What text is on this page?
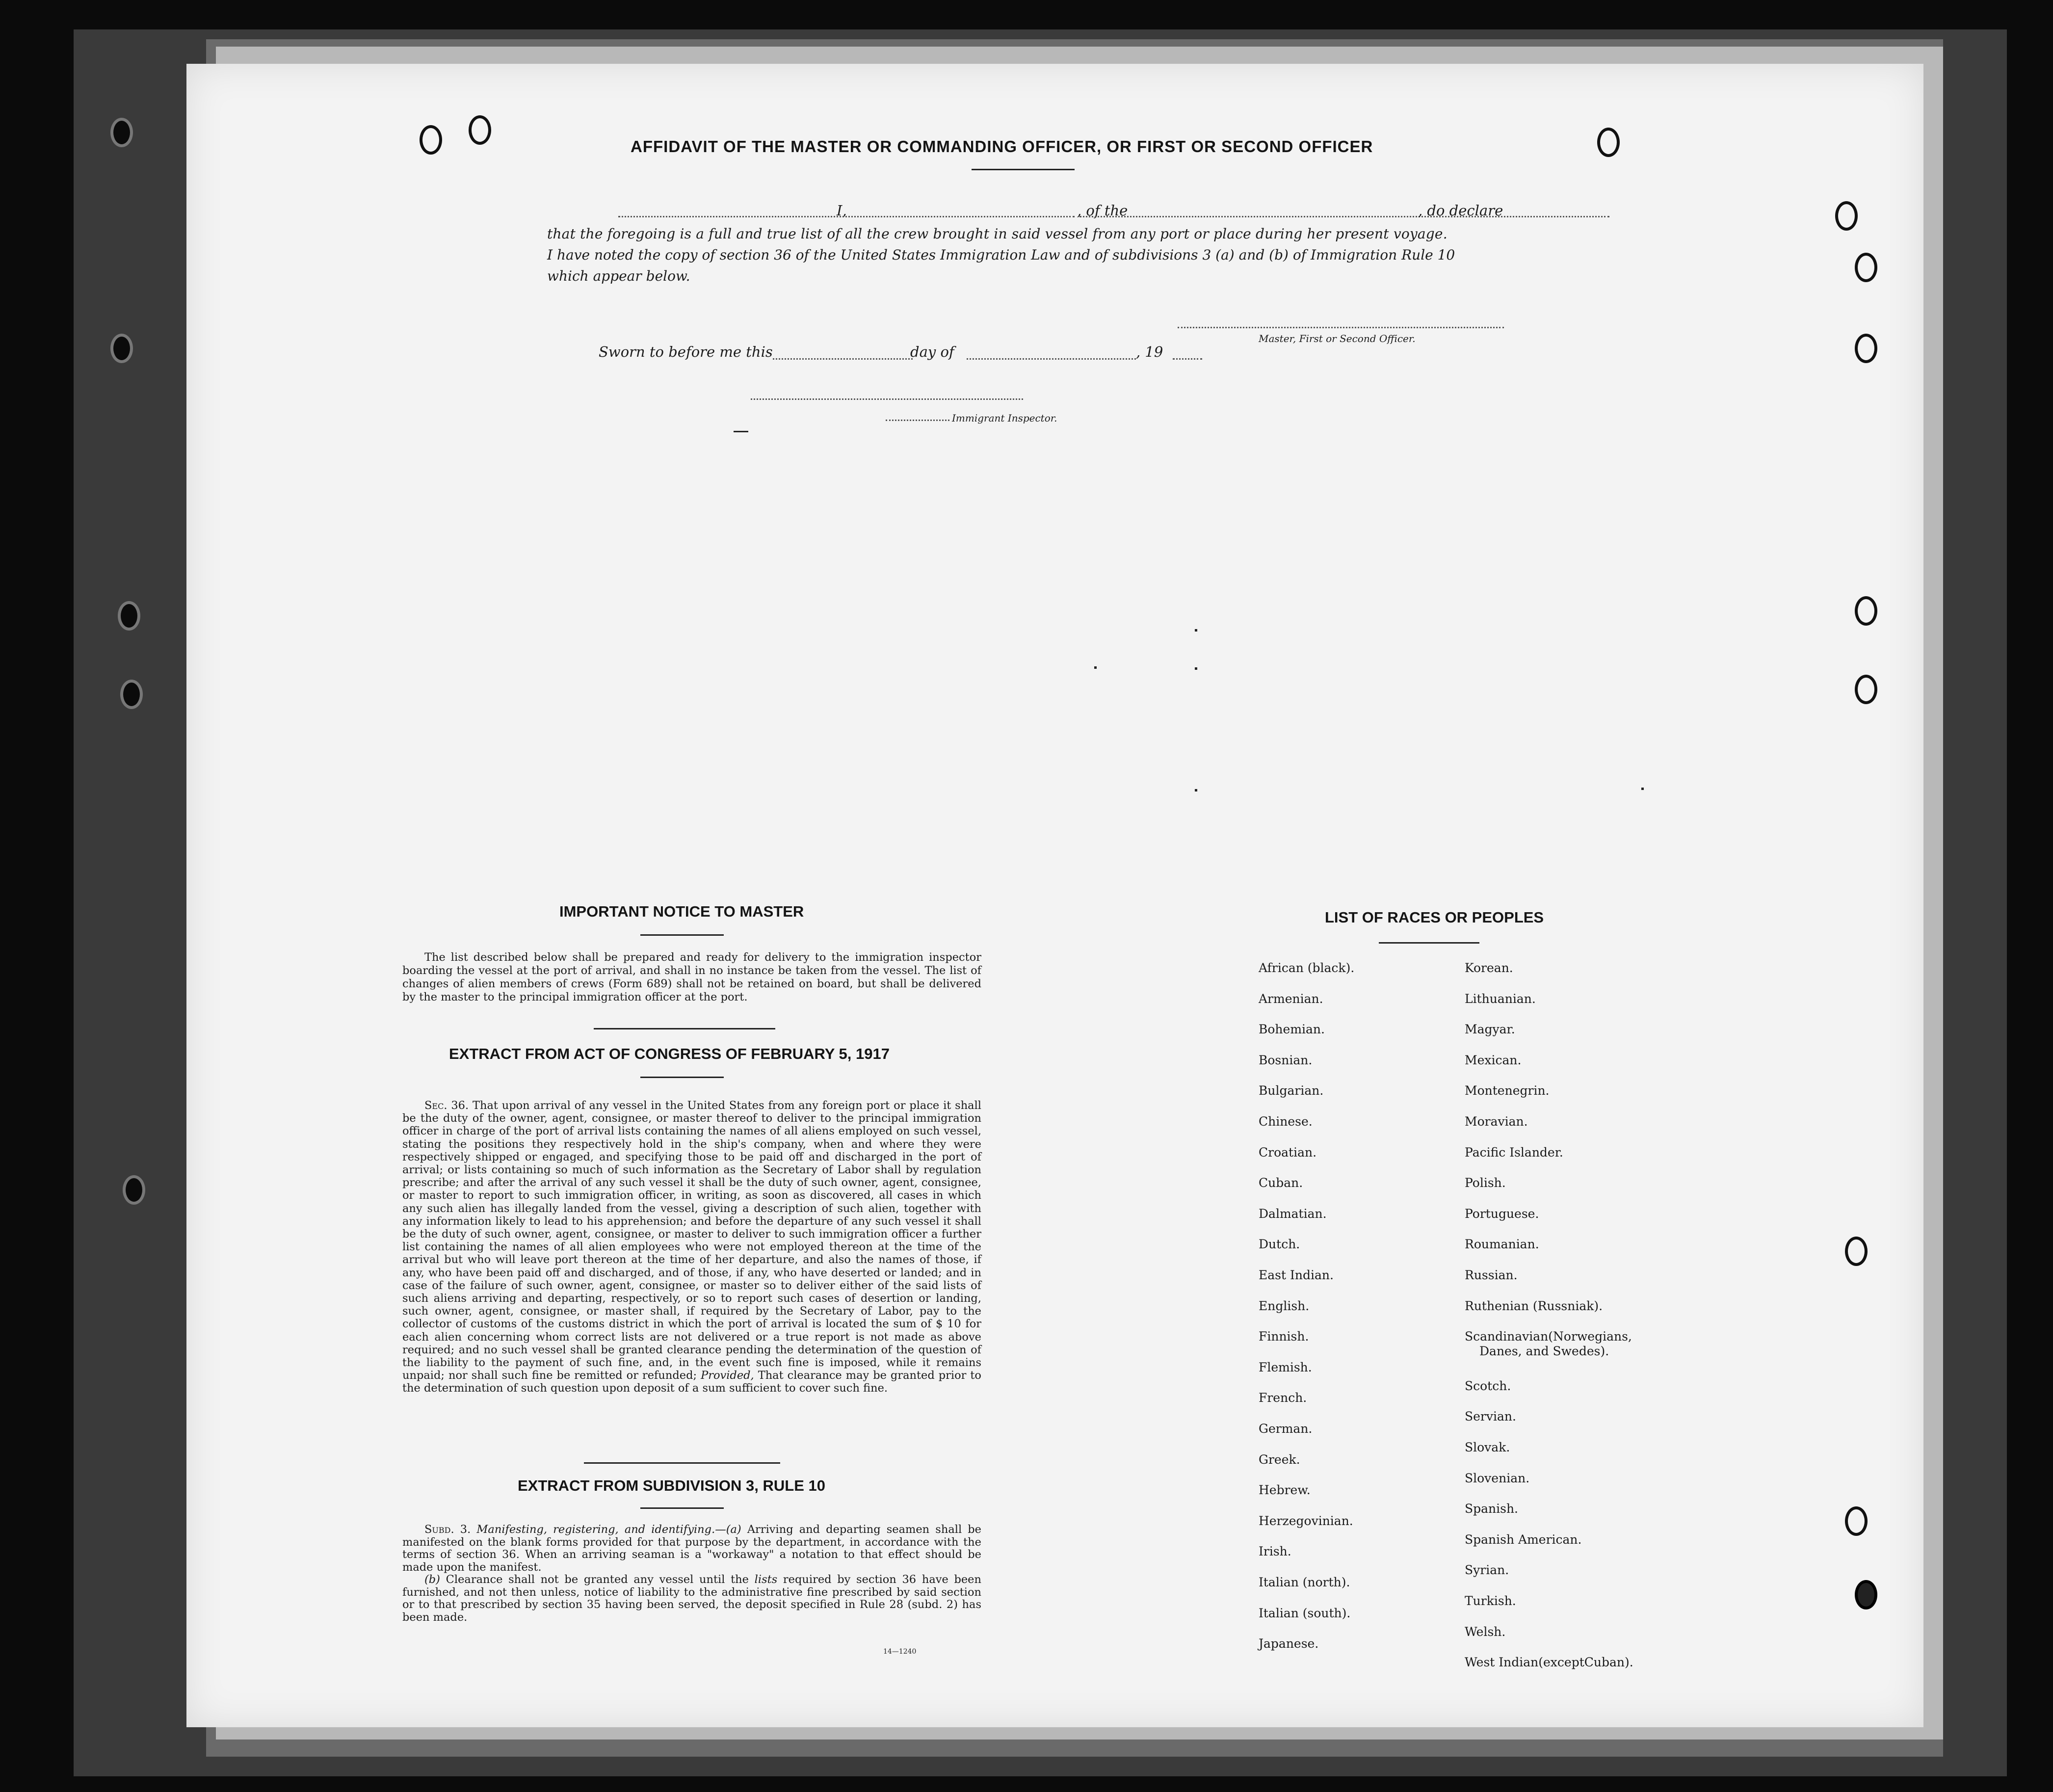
AFFIDAVIT OF THE MASTER OR COMMANDING OFFICER, OR FIRST OR SECOND OFFICER
I,	, of the	, do declare
that the foregoing is a full and true list of all the crew brought in said vessel from any port or place during her present voyage.
I have noted the copy of section 36 of the United States Immigration Law and of subdivisions 3 (a) and (b) of Immigration Rule 10
which appear below.
Master, First or Second Officer.
Sworn to before me this	day of	, 19
Immigrant Inspector.
IMPORTANT NOTICE TO MASTER
The list described below shall be prepared and ready for delivery to the immigration inspector boarding the vessel at the port of arrival, and shall in no instance be taken from the vessel. The list of changes of alien members of crews (Form 689) shall not be retained on board, but shall be delivered by the master to the principal immigration officer at the port.
EXTRACT FROM ACT OF CONGRESS OF FEBRUARY 5, 1917
Sec. 36. That upon arrival of any vessel in the United States from any foreign port or place it shall be the duty of the owner, agent, consignee, or master thereof to deliver to the principal immigration officer in charge of the port of arrival lists containing the names of all aliens employed on such vessel, stating the positions they respectively hold in the ship's company, when and where they were respectively shipped or engaged, and specifying those to be paid off and discharged in the port of arrival; or lists containing so much of such information as the Secretary of Labor shall by regulation prescribe; and after the arrival of any such vessel it shall be the duty of such owner, agent, consignee, or master to report to such immigration officer, in writing, as soon as discovered, all cases in which any such alien has illegally landed from the vessel, giving a description of such alien, together with any information likely to lead to his apprehension; and before the departure of any such vessel it shall be the duty of such owner, agent, consignee, or master to deliver to such immigration officer a further list containing the names of all alien employees who were not employed thereon at the time of the arrival but who will leave port thereon at the time of her departure, and also the names of those, if any, who have been paid off and discharged, and of those, if any, who have deserted or landed; and in case of the failure of such owner, agent, consignee, or master so to deliver either of the said lists of such aliens arriving and departing, respectively, or so to report such cases of desertion or landing, such owner, agent, consignee, or master shall, if required by the Secretary of Labor, pay to the collector of customs of the customs district in which the port of arrival is located the sum of $ 10 for each alien concerning whom correct lists are not delivered or a true report is not made as above required; and no such vessel shall be granted clearance pending the determination of the question of the liability to the payment of such fine, and, in the event such fine is imposed, while it remains unpaid; nor shall such fine be remitted or refunded; Provided, That clearance may be granted prior to the determination of such question upon deposit of a sum sufficient to cover such fine.
EXTRACT FROM SUBDIVISION 3, RULE 10
Subd. 3. Manifesting, registering, and identifying.—(a) Arriving and departing seamen shall be manifested on the blank forms provided for that purpose by the department, in accordance with the terms of section 36. When an arriving seaman is a "workaway" a notation to that effect should be made upon the manifest.
(b) Clearance shall not be granted any vessel until the lists required by section 36 have been furnished, and not then unless, notice of liability to the administrative fine prescribed by said section or to that prescribed by section 35 having been served, the deposit specified in Rule 28 (subd. 2) has been made.
14—1240
LIST OF RACES OR PEOPLES
African (black).
Armenian.
Bohemian.
Bosnian.
Bulgarian.
Chinese.
Croatian.
Cuban.
Dalmatian.
Dutch.
East Indian.
English.
Finnish.
Flemish.
French.
German.
Greek.
Hebrew.
Herzegovinian.
Irish.
Italian (north).
Italian (south).
Japanese.
Korean.
Lithuanian.
Magyar.
Mexican.
Montenegrin.
Moravian.
Pacific Islander.
Polish.
Portuguese.
Roumanian.
Russian.
Ruthenian (Russniak).
Scandinavian(Norwegians,
Danes, and Swedes).
Scotch.
Servian.
Slovak.
Slovenian.
Spanish.
Spanish American.
Syrian.
Turkish.
Welsh.
West Indian(exceptCuban).
